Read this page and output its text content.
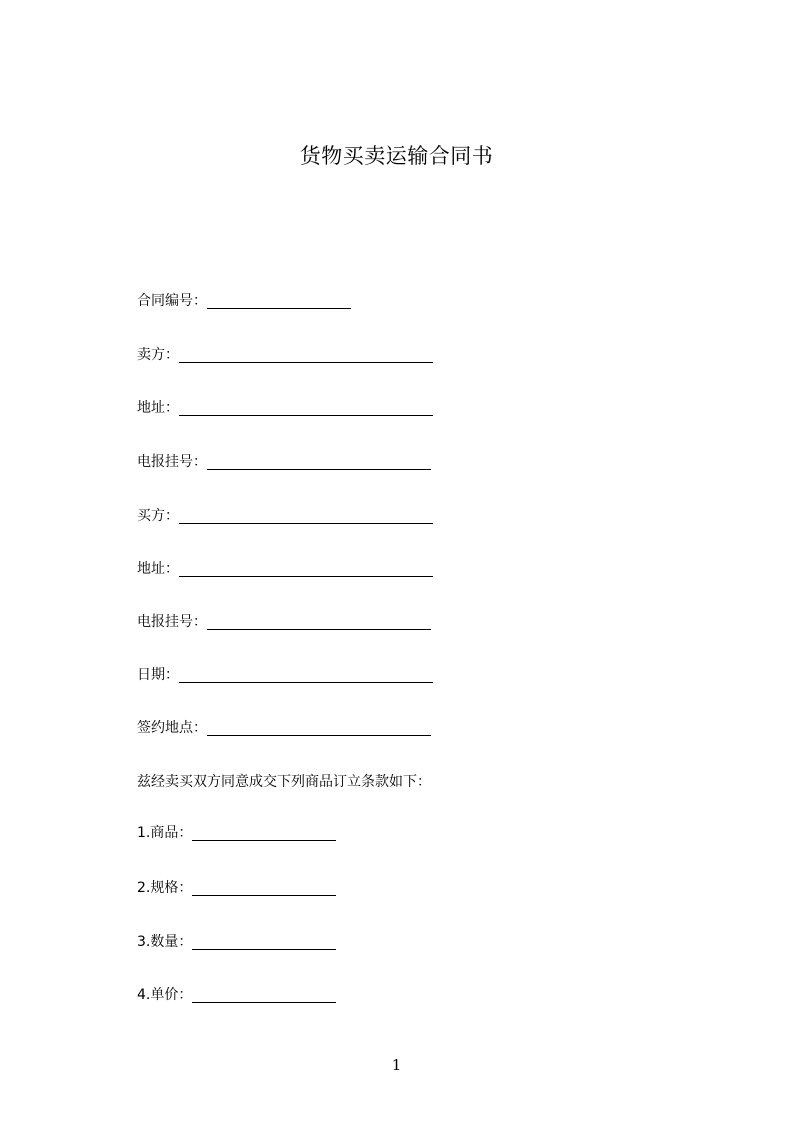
货物买卖运输合同书
合同编号：
卖方：
地址：
电报挂号：
买方：
地址：
电报挂号：
日期：
签约地点：
兹经卖买双方同意成交下列商品订立条款如下：
1.商品：
2.规格：
3.数量：
4.单价：
1
